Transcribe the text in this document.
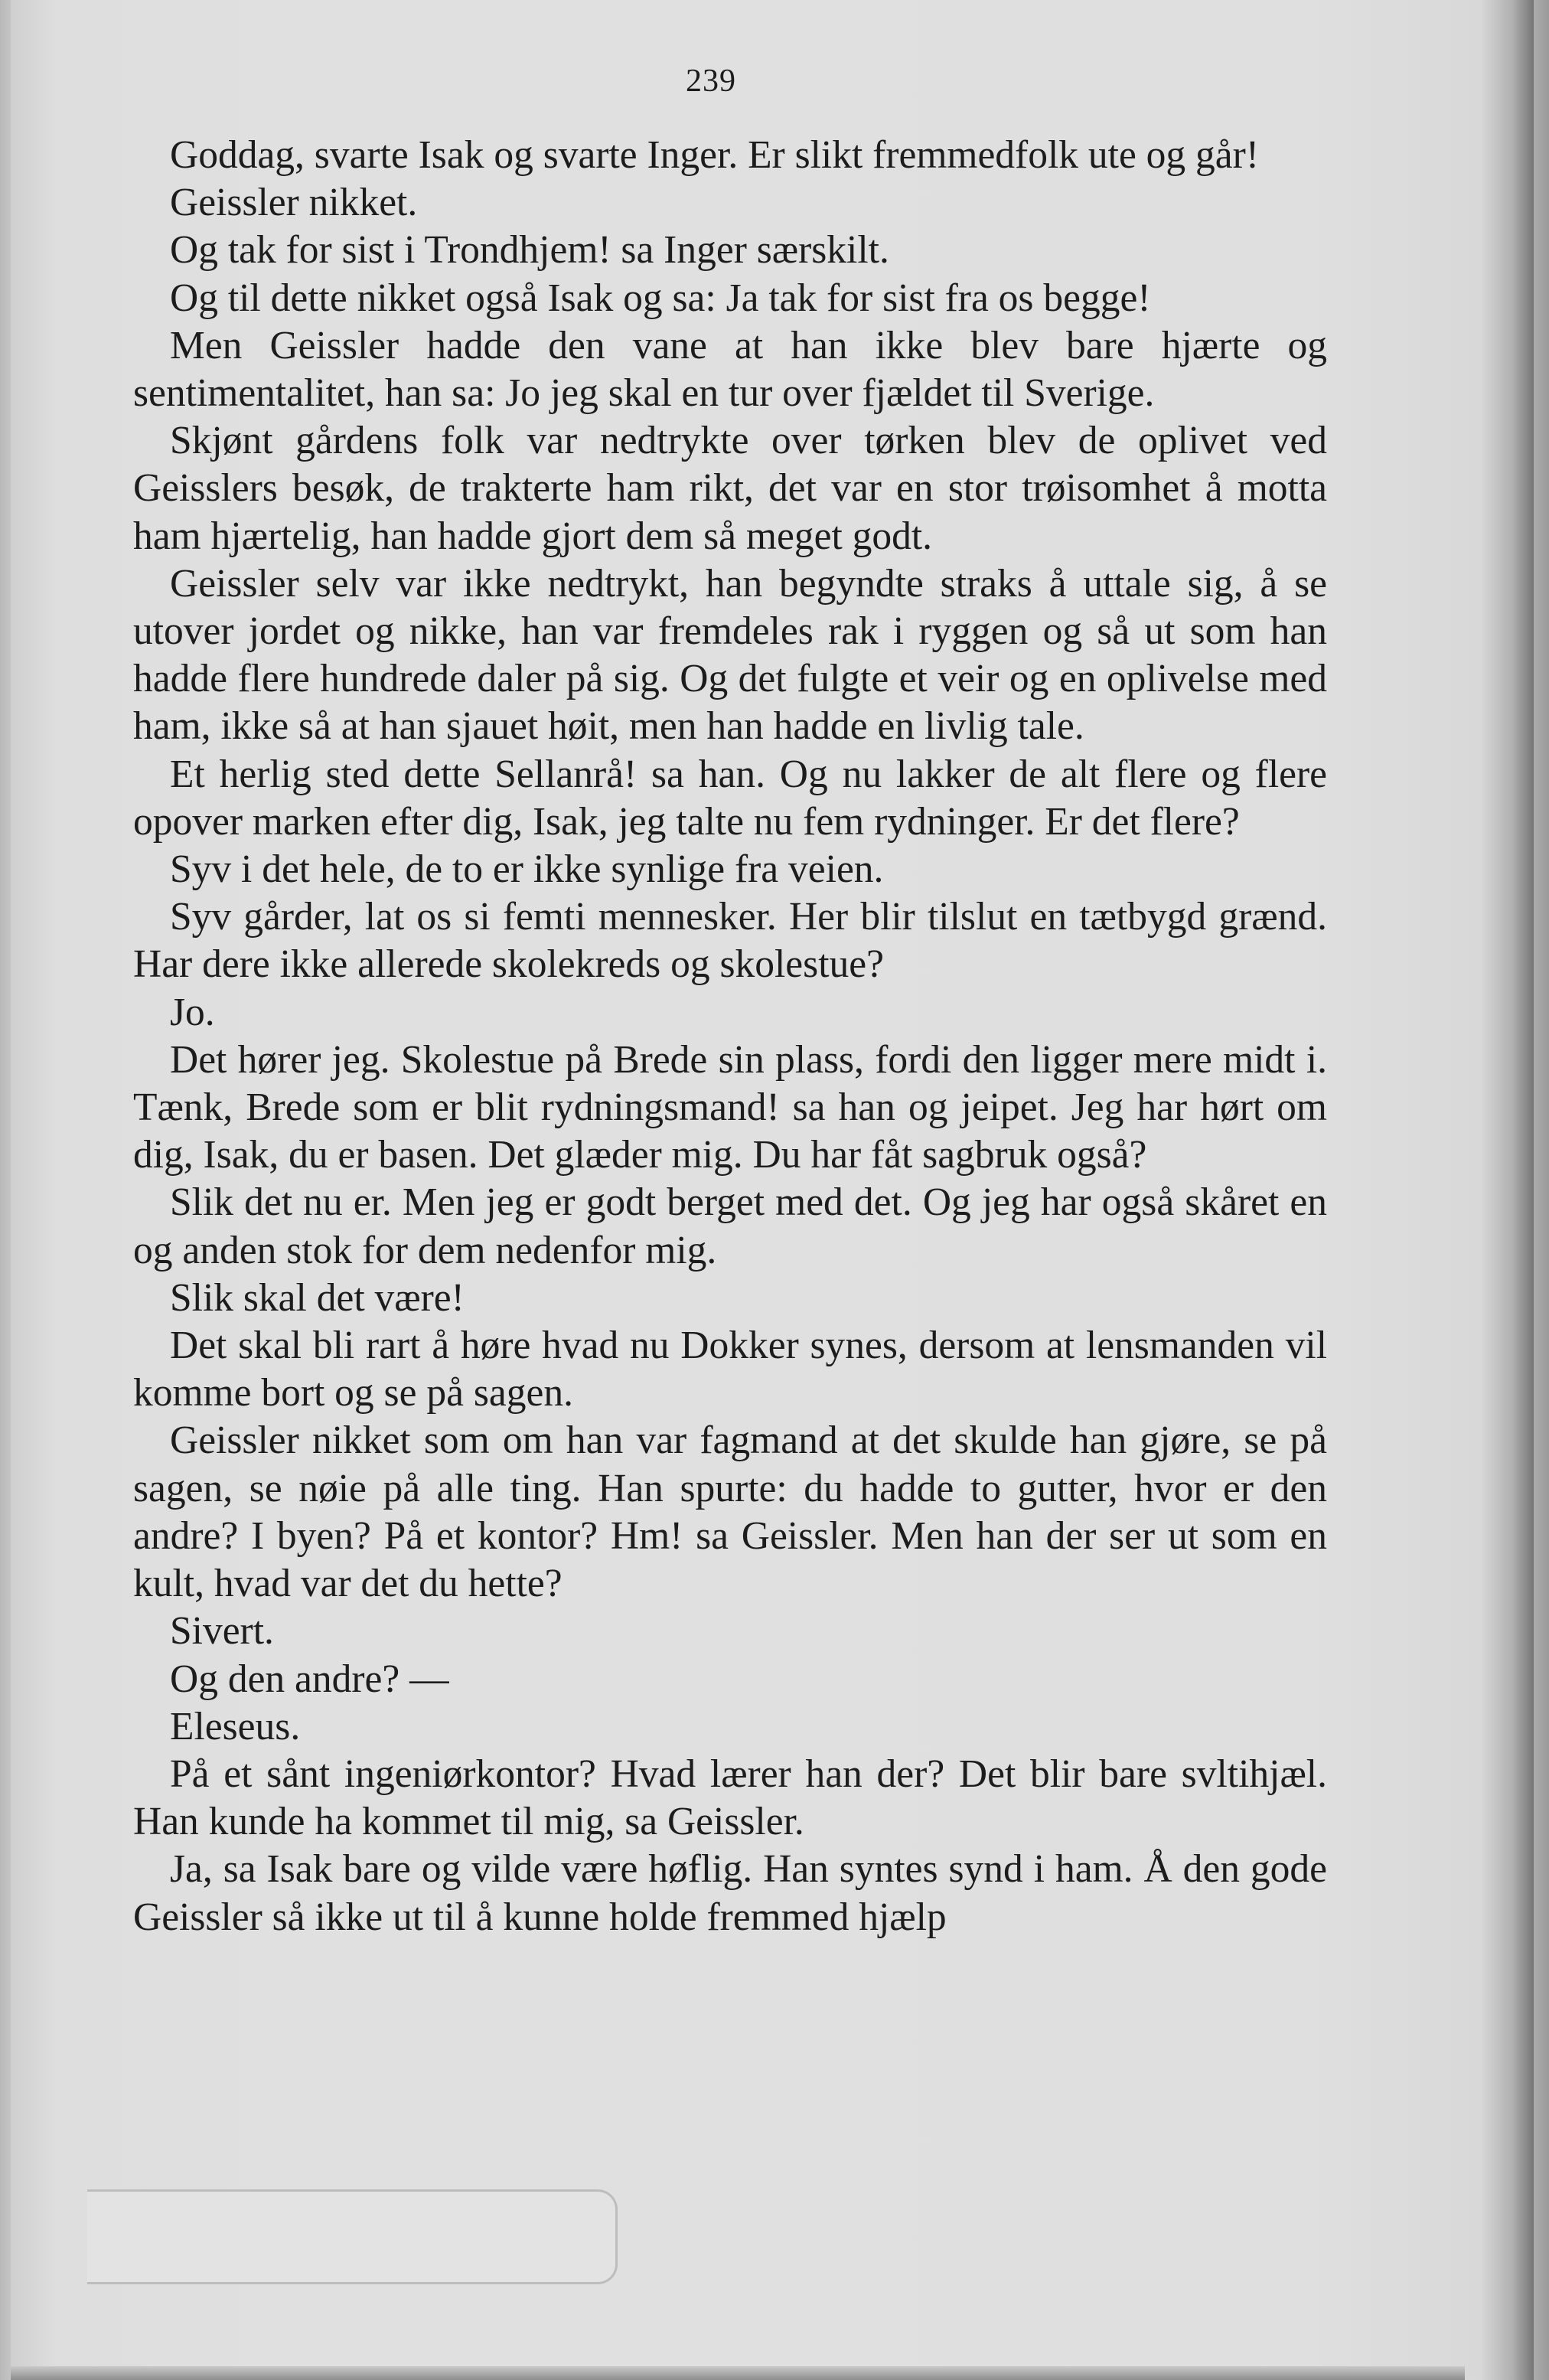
239

Goddag, svarte Isak og svarte Inger. Er slikt fremmedfolk ute og går!

Geissler nikket.

Og tak for sist i Trondhjem! sa Inger særskilt.

Og til dette nikket også Isak og sa: Ja tak for sist fra os begge!

Men Geissler hadde den vane at han ikke blev bare hjærte og sentimentalitet, han sa: Jo jeg skal en tur over fjældet til Sverige.

Skjønt gårdens folk var nedtrykte over tørken blev de oplivet ved Geisslers besøk, de trakterte ham rikt, det var en stor trøisomhet å motta ham hjærtelig, han hadde gjort dem så meget godt.

Geissler selv var ikke nedtrykt, han begyndte straks å uttale sig, å se utover jordet og nikke, han var fremdeles rak i ryggen og så ut som han hadde flere hundrede daler på sig. Og det fulgte et veir og en oplivelse med ham, ikke så at han sjauet høit, men han hadde en livlig tale.

Et herlig sted dette Sellanrå! sa han. Og nu lakker de alt flere og flere opover marken efter dig, Isak, jeg talte nu fem rydninger. Er det flere?

Syv i det hele, de to er ikke synlige fra veien.

Syv gårder, lat os si femti mennesker. Her blir tilslut en tætbygd grænd. Har dere ikke allerede skolekreds og skolestue?

Jo.

Det hører jeg. Skolestue på Brede sin plass, fordi den ligger mere midt i. Tænk, Brede som er blit rydningsmand! sa han og jeipet. Jeg har hørt om dig, Isak, du er basen. Det glæder mig. Du har fåt sagbruk også?

Slik det nu er. Men jeg er godt berget med det. Og jeg har også skåret en og anden stok for dem nedenfor mig.

Slik skal det være!

Det skal bli rart å høre hvad nu Dokker synes, dersom at lensmanden vil komme bort og se på sagen.

Geissler nikket som om han var fagmand at det skulde han gjøre, se på sagen, se nøie på alle ting. Han spurte: du hadde to gutter, hvor er den andre? I byen? På et kontor? Hm! sa Geissler. Men han der ser ut som en kult, hvad var det du hette?

Sivert.

Og den andre? —

Eleseus.

På et sånt ingeniørkontor? Hvad lærer han der? Det blir bare svltihjæl. Han kunde ha kommet til mig, sa Geissler.

Ja, sa Isak bare og vilde være høflig. Han syntes synd i ham. Å den gode Geissler så ikke ut til å kunne holde fremmed hjælp
